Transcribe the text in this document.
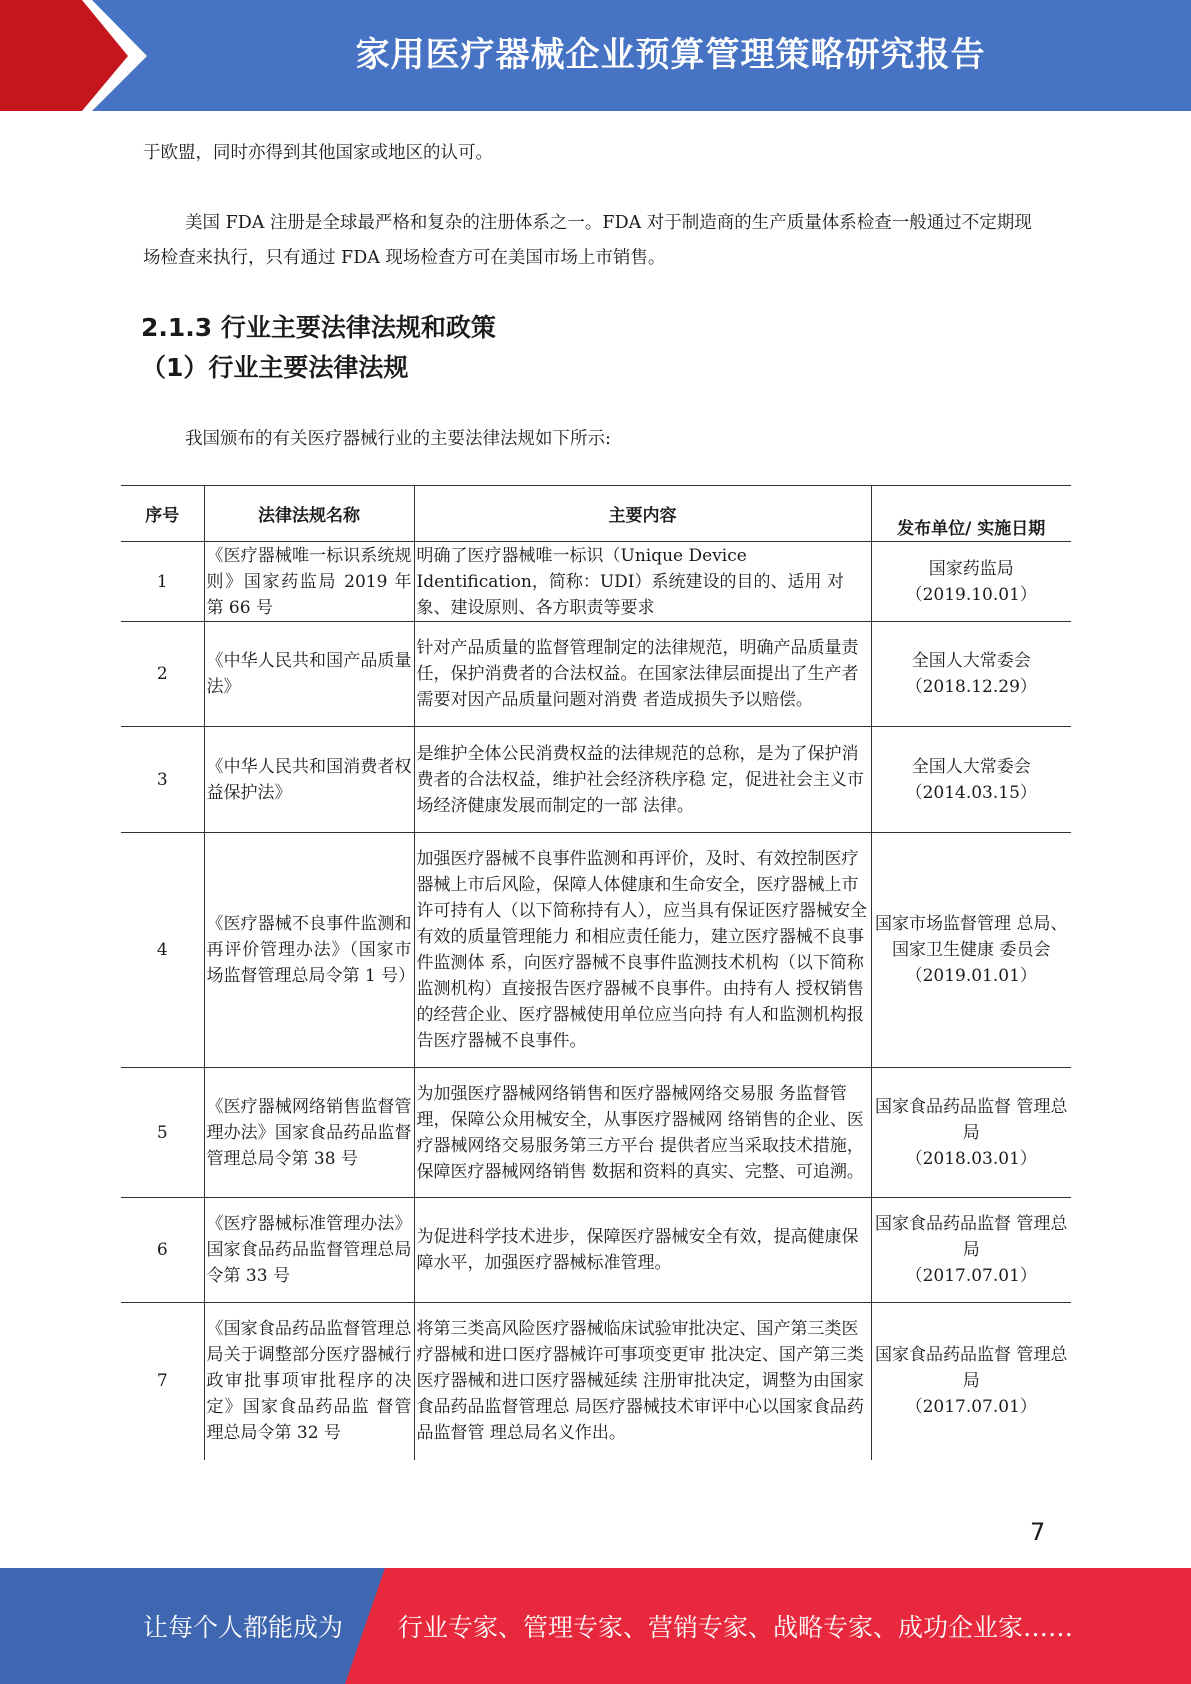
家用医疗器械企业预算管理策略研究报告

于欧盟，同时亦得到其他国家或地区的认可。

美国 FDA 注册是全球最严格和复杂的注册体系之一。FDA 对于制造商的生产质量体系检查一般通过不定期现场检查来执行，只有通过 FDA 现场检查方可在美国市场上市销售。

2.1.3 行业主要法律法规和政策
（1）行业主要法律法规

我国颁布的有关医疗器械行业的主要法律法规如下所示:

序号	法律法规名称	主要内容	发布单位/ 实施日期
1	《医疗器械唯一标识系统规则》国家药监局 2019 年第 66 号	明确了医疗器械唯一标识（Unique Device Identification，简称：UDI）系统建设的目的、适用 对象、建设原则、各方职责等要求	国家药监局
（2019.10.01）

2	《中华人民共和国产品质量法》	针对产品质量的监督管理制定的法律规范，明确产品质量责任，保护消费者的合法权益。在国家法律层面提出了生产者需要对因产品质量问题对消费 者造成损失予以赔偿。	全国人大常委会
（2018.12.29）

3	《中华人民共和国消费者权益保护法》	是维护全体公民消费权益的法律规范的总称，是为了保护消费者的合法权益，维护社会经济秩序稳 定，促进社会主义市场经济健康发展而制定的一部 法律。	全国人大常委会
（2014.03.15）

4	《医疗器械不良事件监测和再评价管理办法》（国家市场监督管理总局令第 1 号）	加强医疗器械不良事件监测和再评价，及时、有效控制医疗器械上市后风险，保障人体健康和生命安全，医疗器械上市许可持有人（以下简称持有人），应当具有保证医疗器械安全有效的质量管理能力 和相应责任能力，建立医疗器械不良事件监测体 系，向医疗器械不良事件监测技术机构（以下简称 监测机构）直接报告医疗器械不良事件。由持有人 授权销售的经营企业、医疗器械使用单位应当向持 有人和监测机构报告医疗器械不良事件。	国家市场监督管理 总局、国家卫生健康 委员会
（2019.01.01）

5	《医疗器械网络销售监督管理办法》国家食品药品监督管理总局令第 38 号	为加强医疗器械网络销售和医疗器械网络交易服 务监督管理，保障公众用械安全，从事医疗器械网 络销售的企业、医疗器械网络交易服务第三方平台 提供者应当采取技术措施，保障医疗器械网络销售 数据和资料的真实、完整、可追溯。	国家食品药品监督 管理总局
（2018.03.01）

6	《医疗器械标准管理办法》国家食品药品监督管理总局令第 33 号	为促进科学技术进步，保障医疗器械安全有效，提高健康保障水平，加强医疗器械标准管理。	国家食品药品监督 管理总局
（2017.07.01）

7	《国家食品药品监督管理总局关于调整部分医疗器械行政审批事项审批程序的决 定》国家食品药品监 督管理总局令第 32 号	将第三类高风险医疗器械临床试验审批决定、国产第三类医疗器械和进口医疗器械许可事项变更审 批决定、国产第三类医疗器械和进口医疗器械延续 注册审批决定，调整为由国家食品药品监督管理总 局医疗器械技术审评中心以国家食品药品监督管 理总局名义作出。	国家食品药品监督 管理总局
（2017.07.01）
7
让每个人都能成为 行业专家、管理专家、营销专家、战略专家、成功企业家……
